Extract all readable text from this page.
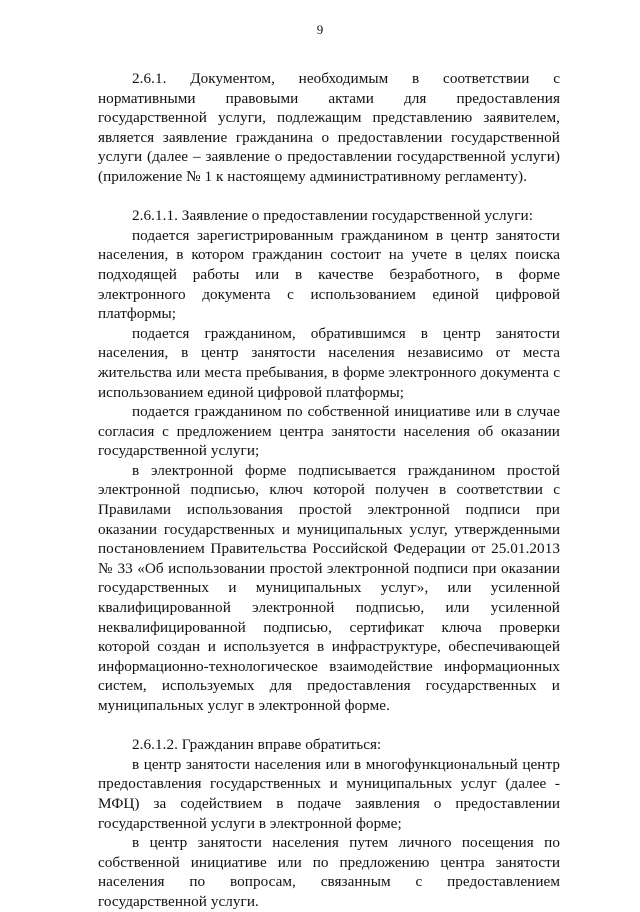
9

2.6.1. Документом, необходимым в соответствии с нормативными правовыми актами для предоставления государственной услуги, подлежащим представлению заявителем, является заявление гражданина о предоставлении государственной услуги (далее – заявление о предоставлении государственной услуги) (приложение № 1 к настоящему административному регламенту).

2.6.1.1. Заявление о предоставлении государственной услуги:

подается зарегистрированным гражданином в центр занятости населения, в котором гражданин состоит на учете в целях поиска подходящей работы или в качестве безработного, в форме электронного документа с использованием единой цифровой платформы;

подается гражданином, обратившимся в центр занятости населения, в центр занятости населения независимо от места жительства или места пребывания, в форме электронного документа с использованием единой цифровой платформы;

подается гражданином по собственной инициативе или в случае согласия с предложением центра занятости населения об оказании государственной услуги;

в электронной форме подписывается гражданином простой электронной подписью, ключ которой получен в соответствии с Правилами использования простой электронной подписи при оказании государственных и муниципальных услуг, утвержденными постановлением Правительства Российской Федерации от 25.01.2013 № 33 «Об использовании простой электронной подписи при оказании государственных и муниципальных услуг», или усиленной квалифицированной электронной подписью, или усиленной неквалифицированной подписью, сертификат ключа проверки которой создан и используется в инфраструктуре, обеспечивающей информационно-технологическое взаимодействие информационных систем, используемых для предоставления государственных и муниципальных услуг в электронной форме.

2.6.1.2. Гражданин вправе обратиться:

в центр занятости населения или в многофункциональный центр предоставления государственных и муниципальных услуг (далее - МФЦ) за содействием в подаче заявления о предоставлении государственной услуги в электронной форме;

в центр занятости населения путем личного посещения по собственной инициативе или по предложению центра занятости населения по вопросам, связанным с предоставлением государственной услуги.
